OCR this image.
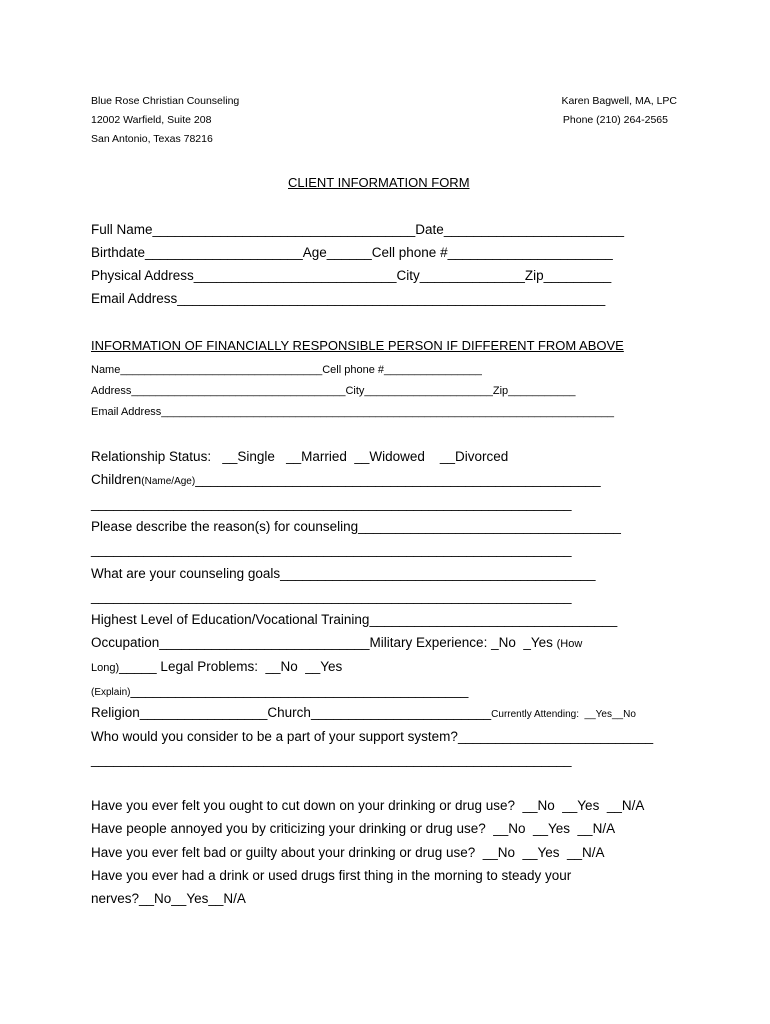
Blue Rose Christian Counseling
12002 Warfield, Suite 208
San Antonio, Texas 78216
Karen Bagwell, MA, LPC
Phone (210) 264-2565
CLIENT INFORMATION FORM
Full Name___________________________________Date________________________
Birthdate_____________________Age______Cell phone #______________________
Physical Address___________________________City______________Zip_________
Email Address_________________________________________________________
INFORMATION OF FINANCIALLY RESPONSIBLE PERSON IF DIFFERENT FROM ABOVE
Name_________________________________Cell phone #________________
Address___________________________________City_____________________Zip___________
Email Address__________________________________________________________________________
Relationship Status:   __Single   __Married  __Widowed    __Divorced
Children(Name/Age)______________________________________________________
________________________________________________________________
Please describe the reason(s) for counseling___________________________________
________________________________________________________________
What are your counseling goals__________________________________________
________________________________________________________________
Highest Level of Education/Vocational Training_________________________________
Occupation____________________________Military Experience: _No  _Yes (How
Long)_____ Legal Problems:  __No  __Yes
(Explain)_____________________________________________
Religion_________________Church________________________Currently Attending:  __Yes__No
Who would you consider to be a part of your support system?__________________________
________________________________________________________________
Have you ever felt you ought to cut down on your drinking or drug use?  __No  __Yes  __N/A
Have people annoyed you by criticizing your drinking or drug use?  __No  __Yes  __N/A
Have you ever felt bad or guilty about your drinking or drug use?  __No  __Yes  __N/A
Have you ever had a drink or used drugs first thing in the morning to steady your
nerves?__No__Yes__N/A
